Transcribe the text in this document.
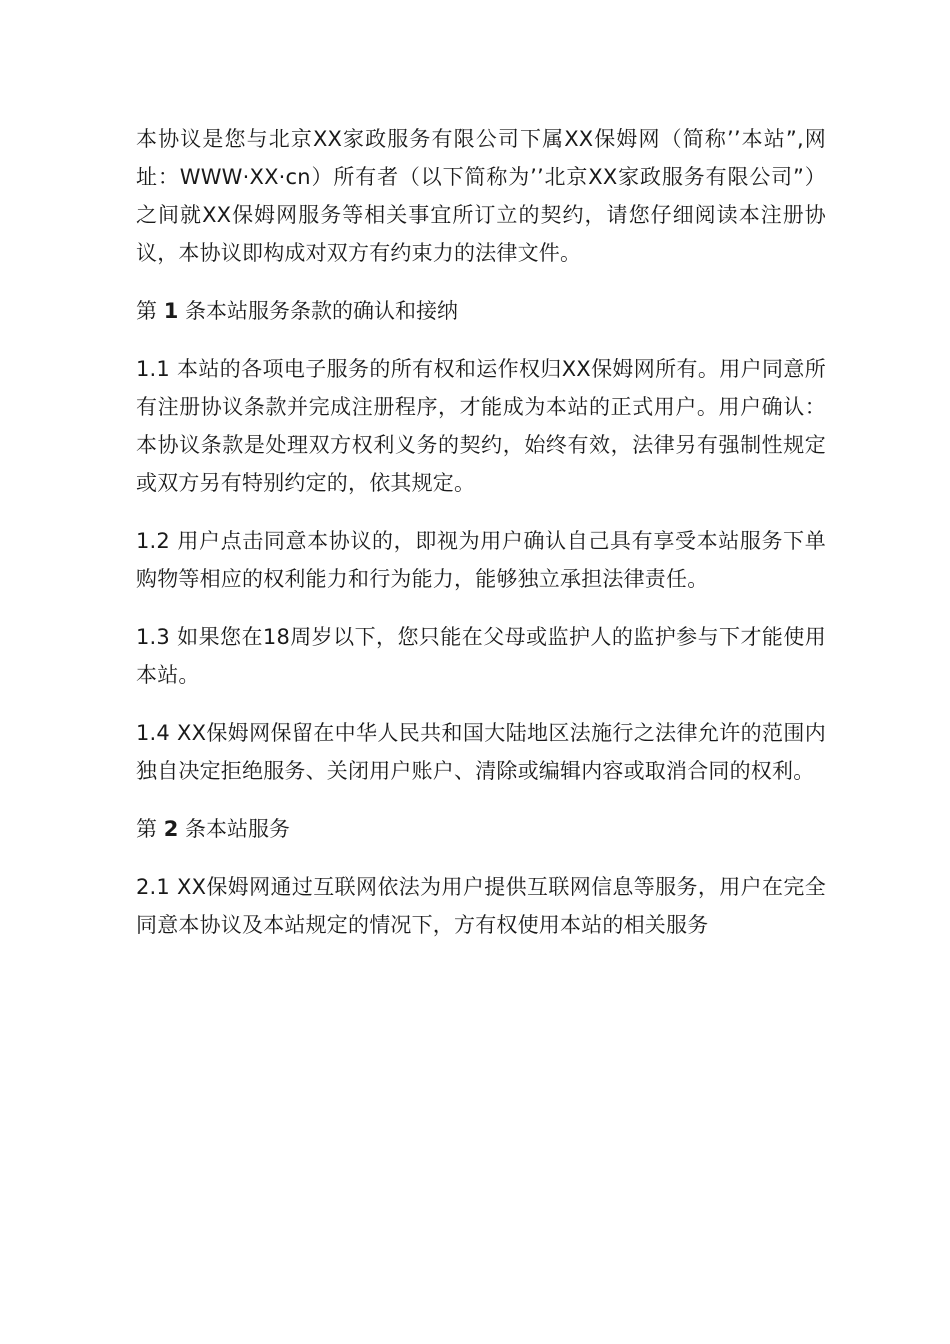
本协议是您与北京XX家政服务有限公司下属XX保姆网（简称’’本站”,网址：WWW·XX·cn）所有者（以下简称为’’北京XX家政服务有限公司”）之间就XX保姆网服务等相关事宜所订立的契约，请您仔细阅读本注册协议，本协议即构成对双方有约束力的法律文件。

第 1 条本站服务条款的确认和接纳

1.1 本站的各项电子服务的所有权和运作权归XX保姆网所有。用户同意所有注册协议条款并完成注册程序，才能成为本站的正式用户。用户确认：本协议条款是处理双方权利义务的契约，始终有效，法律另有强制性规定或双方另有特别约定的，依其规定。

1.2 用户点击同意本协议的，即视为用户确认自己具有享受本站服务下单购物等相应的权利能力和行为能力，能够独立承担法律责任。

1.3 如果您在18周岁以下，您只能在父母或监护人的监护参与下才能使用本站。

1.4 XX保姆网保留在中华人民共和国大陆地区法施行之法律允许的范围内独自决定拒绝服务、关闭用户账户、清除或编辑内容或取消合同的权利。

第 2 条本站服务

2.1 XX保姆网通过互联网依法为用户提供互联网信息等服务，用户在完全同意本协议及本站规定的情况下，方有权使用本站的相关服务
